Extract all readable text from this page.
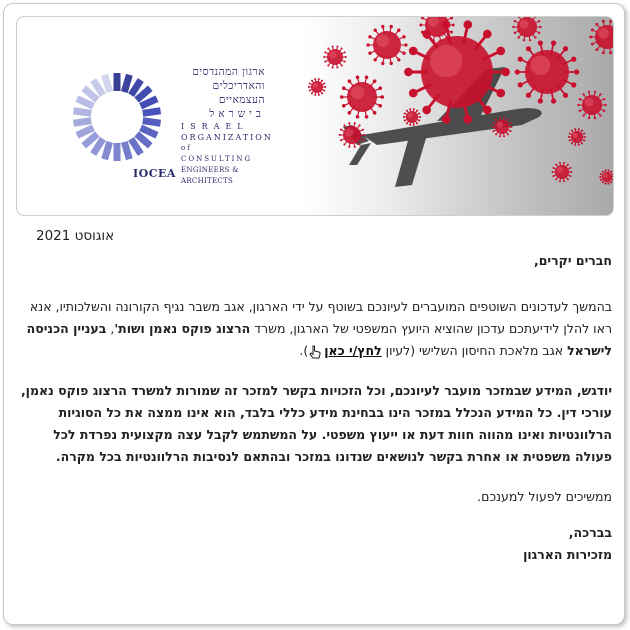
ארגון המהנדסים
והאדריכלים
העצמאיים
בישראל
ISRAEL
ORGANIZATION
of CONSULTING
ENGINEERS & ARCHITECTS
IOCEA
אוגוסט 2021

חברים יקרים,

בהמשך לעדכונים השוטפים המועברים לעיונכם בשוטף על ידי הארגון, אגב משבר נגיף הקורונה והשלכותיו, אנא ראו להלן לידיעתכם עדכון שהוציא היועץ המשפטי של הארגון, משרד הרצוג פוקס נאמן ושות', בעניין הכניסה לישראל אגב מלאכת החיסון השלישי (לעיון לחץ/י כאן).

יודגש, המידע שבמזכר מועבר לעיונכם, וכל הזכויות בקשר למזכר זה שמורות למשרד הרצוג פוקס נאמן, עורכי דין. כל המידע הנכלל במזכר הינו בבחינת מידע כללי בלבד, הוא אינו ממצה את כל הסוגיות הרלוונטיות ואינו מהווה חוות דעת או ייעוץ משפטי. על המשתמש לקבל עצה מקצועית נפרדת לכל פעולה משפטית או אחרת בקשר לנושאים שנדונו במזכר ובהתאם לנסיבות הרלוונטיות בכל מקרה.

ממשיכים לפעול למענכם.

בברכה,

מזכירות הארגון
